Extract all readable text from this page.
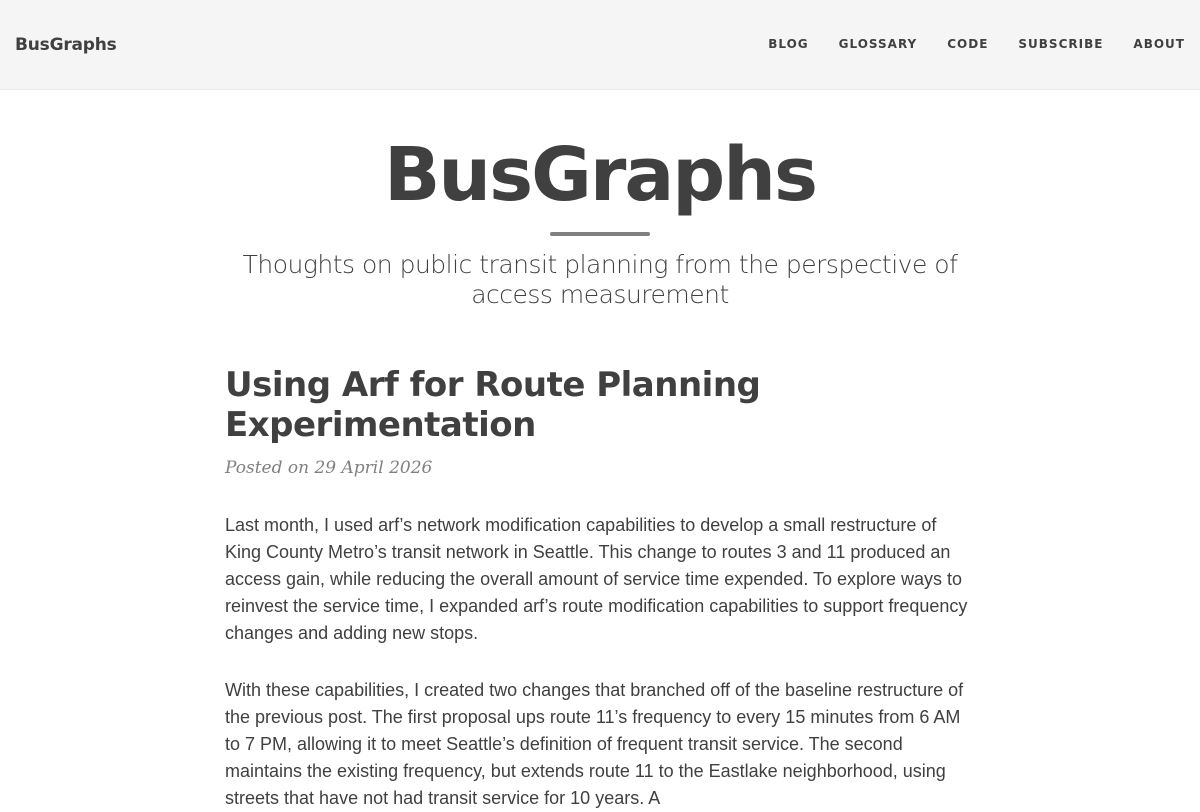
BusGraphs	BLOG	GLOSSARY	CODE	SUBSCRIBE	ABOUT
BusGraphs
Thoughts on public transit planning from the perspective of access measurement
Using Arf for Route Planning Experimentation
Posted on 29 April 2026

Last month, I used arf’s network modification capabilities to develop a small restructure of King County Metro’s transit network in Seattle. This change to routes 3 and 11 produced an access gain, while reducing the overall amount of service time expended. To explore ways to reinvest the service time, I expanded arf’s route modification capabilities to support frequency changes and adding new stops.

With these capabilities, I created two changes that branched off of the baseline restructure of the previous post. The first proposal ups route 11’s frequency to every 15 minutes from 6 AM to 7 PM, allowing it to meet Seattle’s definition of frequent transit service. The second maintains the existing frequency, but extends route 11 to the Eastlake neighborhood, using streets that have not had transit service for 10 years. A
